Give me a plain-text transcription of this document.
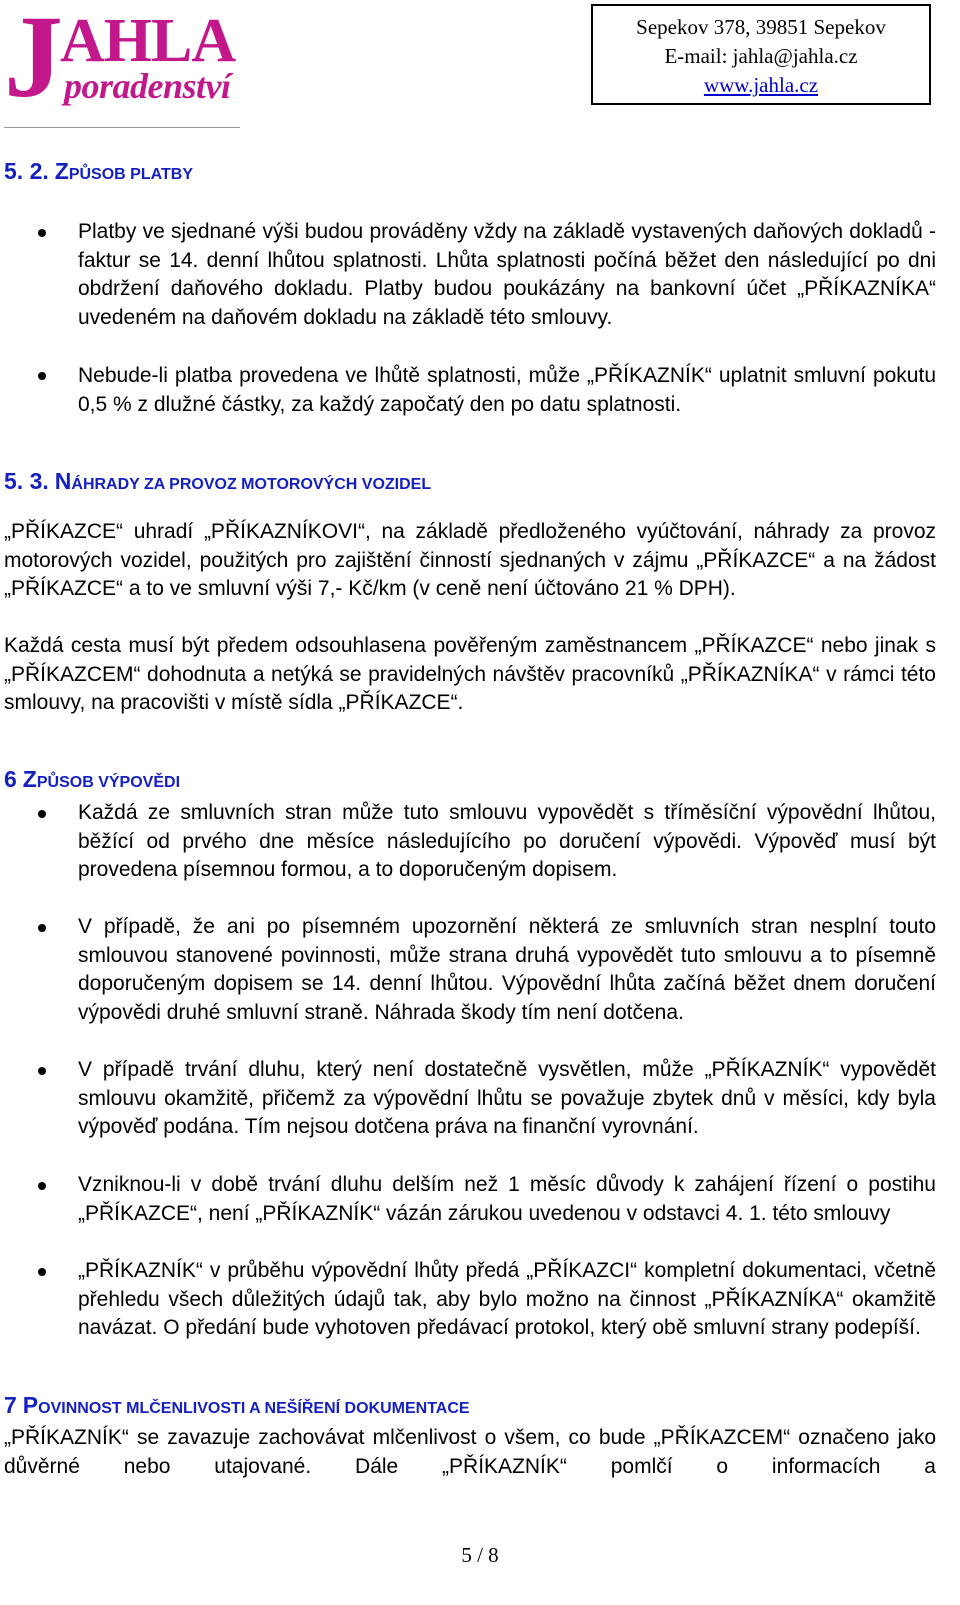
J
AHLA
poradenství
Sepekov 378, 39851 Sepekov
E-mail: jahla@jahla.cz
www.jahla.cz
5. 2. ZPŮSOB PLATBY

Platby ve sjednané výši budou prováděny vždy na základě vystavených daňových dokladů - faktur se 14. denní lhůtou splatnosti. Lhůta splatnosti počíná běžet den následující po dni obdržení daňového dokladu. Platby budou poukázány na bankovní účet „PŘÍKAZNÍKA“ uvedeném na daňovém dokladu na základě této smlouvy.

Nebude-li platba provedena ve lhůtě splatnosti, může „PŘÍKAZNÍK“ uplatnit smluvní pokutu 0,5 % z dlužné částky, za každý započatý den po datu splatnosti.

5. 3. NÁHRADY ZA PROVOZ MOTOROVÝCH VOZIDEL

„PŘÍKAZCE“ uhradí „PŘÍKAZNÍKOVI“, na základě předloženého vyúčtování, náhrady za provoz motorových vozidel, použitých pro zajištění činností sjednaných v zájmu „PŘÍKAZCE“ a na žádost „PŘÍKAZCE“ a to ve smluvní výši 7,- Kč/km (v ceně není účtováno 21 % DPH).

Každá cesta musí být předem odsouhlasena pověřeným zaměstnancem „PŘÍKAZCE“ nebo jinak s „PŘÍKAZCEM“ dohodnuta a netýká se pravidelných návštěv pracovníků „PŘÍKAZNÍKA“ v rámci této smlouvy, na pracovišti v místě sídla „PŘÍKAZCE“.

6 ZPŮSOB VÝPOVĚDI

Každá ze smluvních stran může tuto smlouvu vypovědět s tříměsíční výpovědní lhůtou, běžící od prvého dne měsíce následujícího po doručení výpovědi. Výpověď musí být provedena písemnou formou, a to doporučeným dopisem.

V případě, že ani po písemném upozornění některá ze smluvních stran nesplní touto smlouvou stanovené povinnosti, může strana druhá vypovědět tuto smlouvu a to písemně doporučeným dopisem se 14. denní lhůtou. Výpovědní lhůta začíná běžet dnem doručení výpovědi druhé smluvní straně. Náhrada škody tím není dotčena.

V případě trvání dluhu, který není dostatečně vysvětlen, může „PŘÍKAZNÍK“ vypovědět smlouvu okamžitě, přičemž za výpovědní lhůtu se považuje zbytek dnů v měsíci, kdy byla výpověď podána. Tím nejsou dotčena práva na finanční vyrovnání.

Vzniknou-li v době trvání dluhu delším než 1 měsíc důvody k zahájení řízení o postihu „PŘÍKAZCE“, není „PŘÍKAZNÍK“ vázán zárukou uvedenou v odstavci 4. 1. této smlouvy

„PŘÍKAZNÍK“ v průběhu výpovědní lhůty předá „PŘÍKAZCI“ kompletní dokumentaci, včetně přehledu všech důležitých údajů tak, aby bylo možno na činnost „PŘÍKAZNÍKA“ okamžitě navázat. O předání bude vyhotoven předávací protokol, který obě smluvní strany podepíší.

7 POVINNOST MLČENLIVOSTI A NEŠÍŘENÍ DOKUMENTACE

„PŘÍKAZNÍK“ se zavazuje zachovávat mlčenlivost o všem, co bude „PŘÍKAZCEM“ označeno jako důvěrné nebo utajované. Dále „PŘÍKAZNÍK“ pomlčí o informacích a

5 / 8
